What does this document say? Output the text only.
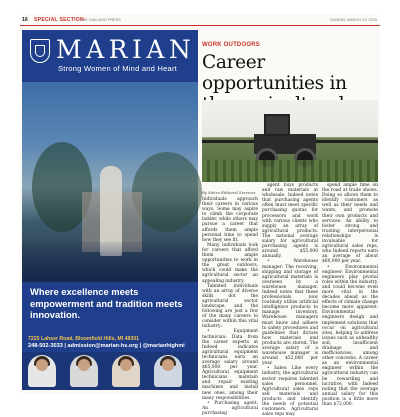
16 SPECIAL SECTION
THE OAKLAND PRESS	SUNDAY, MARCH 23, 2025
MARIAN
Strong Women of Mind and Heart
Where excellence meets empowerment and tradition meets innovation.
7225 Lahser Road, Bloomfield Hills, MI 48301
248-502-3033 | admission@marian-hs.org | @marianhighmi
WORK OUTDOORS
Career opportunities in
By Metro Editorial Services

Individuals approach their careers in various ways. Some may aspire to climb the corporate ladder, while others may pursue a career that affords them ample personal time to spend how they see fit.

Many individuals look for careers that afford them ample opportunities to work in the great outdoors, which could make the agricultural sector an appealing industry.

Talented individuals with an array of diverse skills dot the agricultural sector landscape, and the following are just a few of the many careers to consider within this vital industry:

• Equipment technician: Data from the career experts at Indeed indicates agricultural equipment technicians earn an average salary around $65,000 per year. Agricultural equipment technicians maintain and repair existing machines and install new ones, among their many responsibilities.

• Purchasing agent: An agricultural purchasing

agent buys products and raw materials at wholesale. Indeed notes that purchasing agents often must meet specific purchasing quotas for processors and work with various clients who supply an array of agricultural products. The national average salary for agricultural purchasing agents is around $55,000 annually.

• Warehouse manager: The receiving, shipping and storage of agricultural materials is overseen by a warehouse manager. Indeed notes that these professionals now routinely utilize artificial intelligence products to manage inventory. Warehouse managers must know and adhere to safety procedures and guidelines that dictate how materials and products are stored. The average salary of a warehouse manager is around $52,000 per year.

• Sales: Like every industry, the agricultural sector requires talented sales personnel. Agricultural sales reps sell materials and products and identify the needs of potential customers. Agricultural sales reps may

spend ample time on the road at trade shows. Doing so allows them to identify customers as well as their needs and wants, and promote their own products and services. An ability to foster strong and trusting interpersonal relationships is invaluable for agricultural sales reps, who Indeed reports earn an average of about $60,000 per year.

• Environmental engineer: Environmental engineers play pivotal roles within the industry, and could become even more vital in the decades ahead as the effects of climate change become more apparent. Environmental engineers design and implement solutions that occur on agricultural sites, helping to address issues such as unhealthy soil, insufficient drainage and inefficiencies, among other concerns. A career as an environmental engineer within the agricultural industry can be rewarding and lucrative, with Indeed noting that the average annual salary for this position is a little more than $72,000.
